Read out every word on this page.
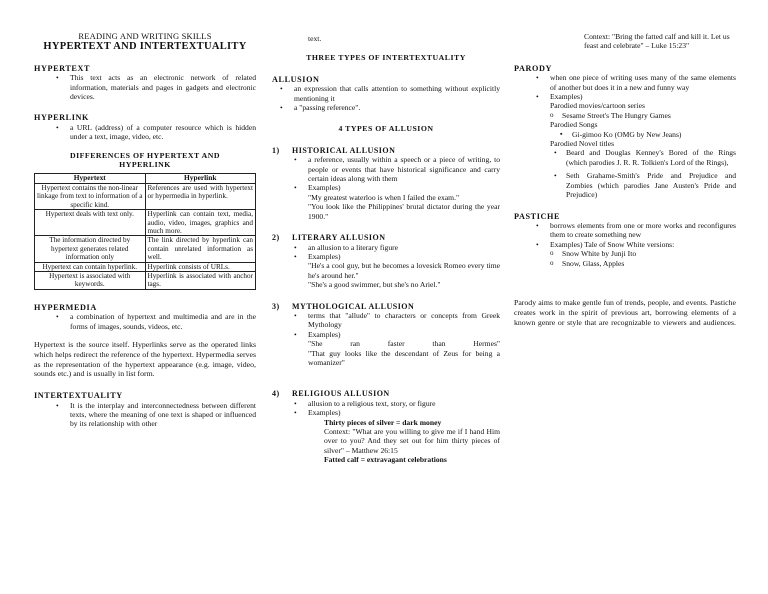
READING AND WRITING SKILLS
HYPERTEXT AND INTERTEXTUALITY
HYPERTEXT
• This text acts as an electronic network of related information, materials and pages in gadgets and electronic devices.
HYPERLINK
• a URL (address) of a computer resource which is hidden under a text, image, video, etc.
DIFFERENCES OF HYPERTEXT AND HYPERLINK
Hypertext	Hyperlink
Hypertext contains the non-linear linkage from text to information of a specific kind.	References are used with hypertext or hypermedia in hyperlink.
Hypertext deals with text only.	Hyperlink can contain text, media, audio, video, images, graphics and much more.
The information directed by hypertext generates related information only	The link directed by hyperlink can contain unrelated information as well.
Hypertext can contain hyperlink.	Hyperlink consists of URLs.
Hypertext is associated with keywords.	Hyperlink is associated with anchor tags.
HYPERMEDIA
• a combination of hypertext and multimedia and are in the forms of images, sounds, videos, etc.
Hypertext is the source itself. Hyperlinks serve as the operated links which helps redirect the reference of the hypertext. Hypermedia serves as the representation of the hypertext appearance (e.g. image, video, sounds etc.) and is usually in list form.
INTERTEXTUALITY
• It is the interplay and interconnectedness between different texts, where the meaning of one text is shaped or influenced by its relationship with other
text.
THREE TYPES OF INTERTEXTUALITY
ALLUSION
• an expression that calls attention to something without explicitly mentioning it
• a "passing reference".
4 TYPES OF ALLUSION
1) HISTORICAL ALLUSION
• a reference, usually within a speech or a piece of writing, to people or events that have historical significance and carry certain ideas along with them
• Examples)
"My greatest waterloo is when I failed the exam."
"You look like the Philippines' brutal dictator during the year 1900."
2) LITERARY ALLUSION
• an allusion to a literary figure
• Examples)
"He's a cool guy, but he becomes a lovesick Romeo every time he's around her."
"She's a good swimmer, but she's no Ariel."
3) MYTHOLOGICAL ALLUSION
• terms that "allude" to characters or concepts from Greek Mythology
• Examples)
"She ran faster than Hermes"
"That guy looks like the descendant of Zeus for being a womanizer"
4) RELIGIOUS ALLUSION
• allusion to a religious text, story, or figure
• Examples)
Thirty pieces of silver = dark money
Context: "What are you willing to give me if I hand Him over to you? And they set out for him thirty pieces of silver" – Matthew 26:15
Fatted calf = extravagant celebrations
Context: "Bring the fatted calf and kill it. Let us feast and celebrate" – Luke 15:23"
PARODY
• when one piece of writing uses many of the same elements of another but does it in a new and funny way
• Examples)
Parodied movies/cartoon series
o Sesame Street's The Hungry Games
Parodied Songs
▪ Gi-gimoo Ko (OMG by New Jeans)
Parodied Novel titles
• Beard and Douglas Kenney's Bored of the Rings (which parodies J. R. R. Tolkien's Lord of the Rings),
• Seth Grahame-Smith's Pride and Prejudice and Zombies (which parodies Jane Austen's Pride and Prejudice)
PASTICHE
• borrows elements from one or more works and reconfigures them to create something new
• Examples) Tale of Snow White versions:
o Snow White by Junji Ito
o Snow, Glass, Apples
Parody aims to make gentle fun of trends, people, and events. Pastiche creates work in the spirit of previous art, borrowing elements of a known genre or style that are recognizable to viewers and audiences.
